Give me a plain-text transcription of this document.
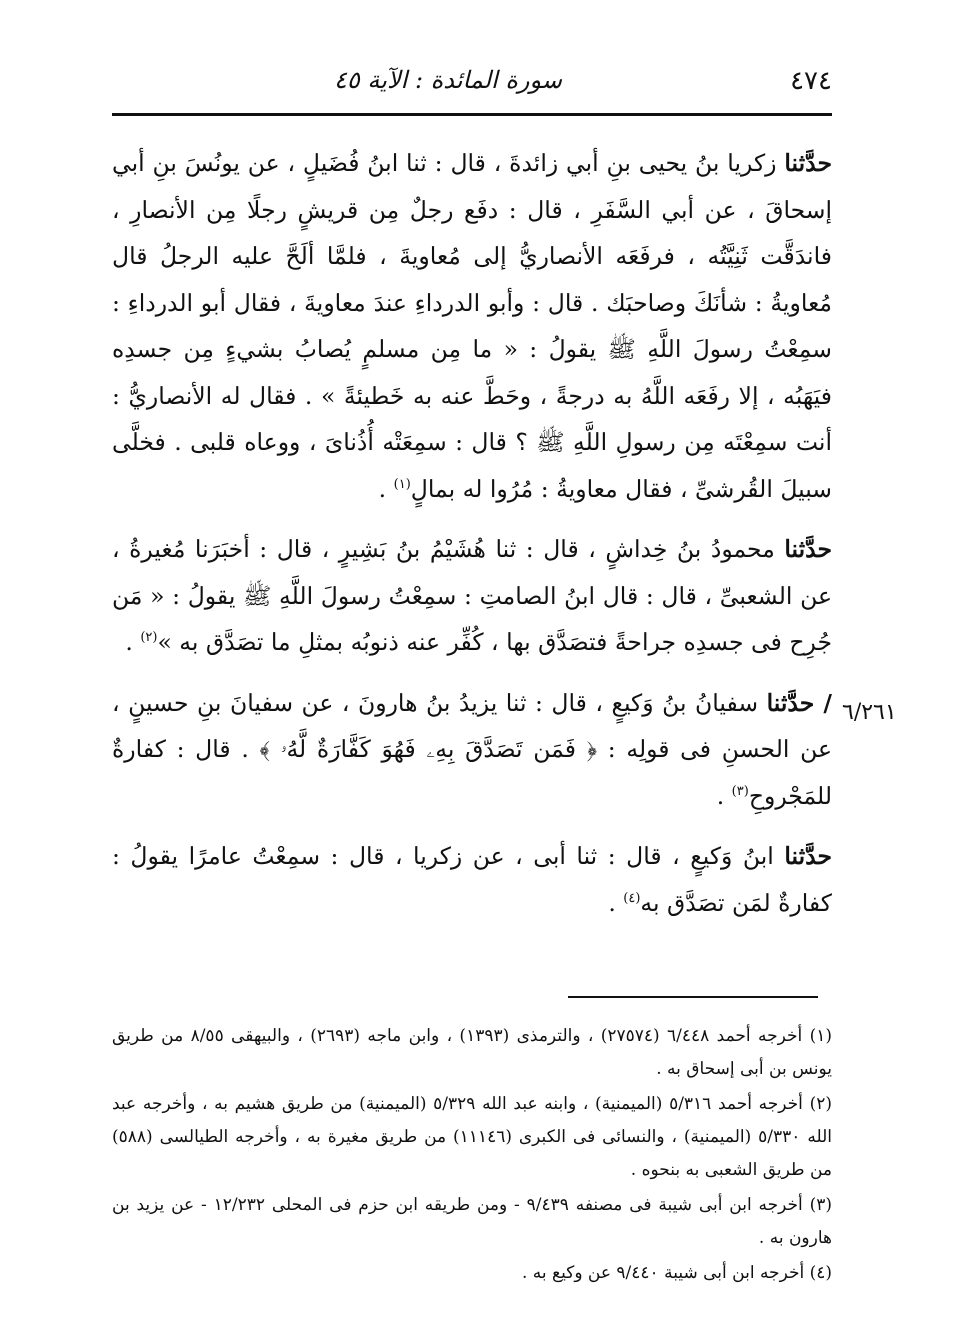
٤٧٤
سورة المائدة : الآية ٤٥
٦/٢٦١

حدَّثنا زكريا بنُ يحيى بنِ أبي زائدةَ ، قال : ثنا ابنُ فُضَيلٍ ، عن يونُسَ بنِ أبي إسحاقَ ، عن أبي السَّفَرِ ، قال : دفَع رجلٌ مِن قريشٍ رجلًا مِن الأنصارِ ، فاندَقَّت ثَنِيَّتُه ، فرفَعَه الأنصاريُّ إلى مُعاويةَ ، فلمَّا ألَحَّ عليه الرجلُ قال مُعاويةُ : شأنَكَ وصاحبَك . قال : وأبو الدرداءِ عندَ معاويةَ ، فقال أبو الدرداءِ : سمِعْتُ رسولَ اللَّهِ ﷺ يقولُ : « ما مِن مسلمٍ يُصابُ بشيءٍ مِن جسدِه فيَهَبُه ، إلا رفَعَه اللَّهُ به درجةً ، وحَطَّ عنه به خَطيئةً » . فقال له الأنصاريُّ : أنت سمِعْتَه مِن رسولِ اللَّهِ ﷺ ؟ قال : سمِعَتْه أُذُناىَ ، ووعاه قلبى . فخلَّى سبيلَ القُرشىِّ ، فقال معاويةُ : مُرُوا له بمالٍ$^{(١)}$ .

حدَّثنا محمودُ بنُ خِداشٍ ، قال : ثنا هُشَيْمُ بنُ بَشِيرٍ ، قال : أخبَرَنا مُغيرةُ ، عن الشعبىِّ ، قال : قال ابنُ الصامتِ : سمِعْتُ رسولَ اللَّهِ ﷺ يقولُ : « مَن جُرِح فى جسدِه جراحةً فتصَدَّق بها ، كُفِّر عنه ذنوبُه بمثلِ ما تصَدَّق به »$^{(٢)}$ .

/ حدَّثنا سفيانُ بنُ وَكيعٍ ، قال : ثنا يزيدُ بنُ هارونَ ، عن سفيانَ بنِ حسينٍ ، عن الحسنِ فى قولِه : ﴿ فَمَن تَصَدَّقَ بِهِۦ فَهُوَ كَفَّارَةٌ لَّهُۥ ﴾ . قال : كفارةٌ للمَجْروحِ$^{(٣)}$ .

حدَّثنا ابنُ وَكيعٍ ، قال : ثنا أبى ، عن زكريا ، قال : سمِعْتُ عامرًا يقولُ : كفارةٌ لمَن تصَدَّق به$^{(٤)}$ .

(١) أخرجه أحمد ٦/٤٤٨ (٢٧٥٧٤) ، والترمذى (١٣٩٣) ، وابن ماجه (٢٦٩٣) ، والبيهقى ٨/٥٥ من طريق يونس بن أبى إسحاق به .

(٢) أخرجه أحمد ٥/٣١٦ (الميمنية) ، وابنه عبد الله ٥/٣٢٩ (الميمنية) من طريق هشيم به ، وأخرجه عبد الله ٥/٣٣٠ (الميمنية) ، والنسائى فى الكبرى (١١١٤٦) من طريق مغيرة به ، وأخرجه الطيالسى (٥٨٨) من طريق الشعبى به بنحوه .

(٣) أخرجه ابن أبى شيبة فى مصنفه ٩/٤٣٩ - ومن طريقه ابن حزم فى المحلى ١٢/٢٣٢ - عن يزيد بن هارون به .

(٤) أخرجه ابن أبى شيبة ٩/٤٤٠ عن وكيع به .
